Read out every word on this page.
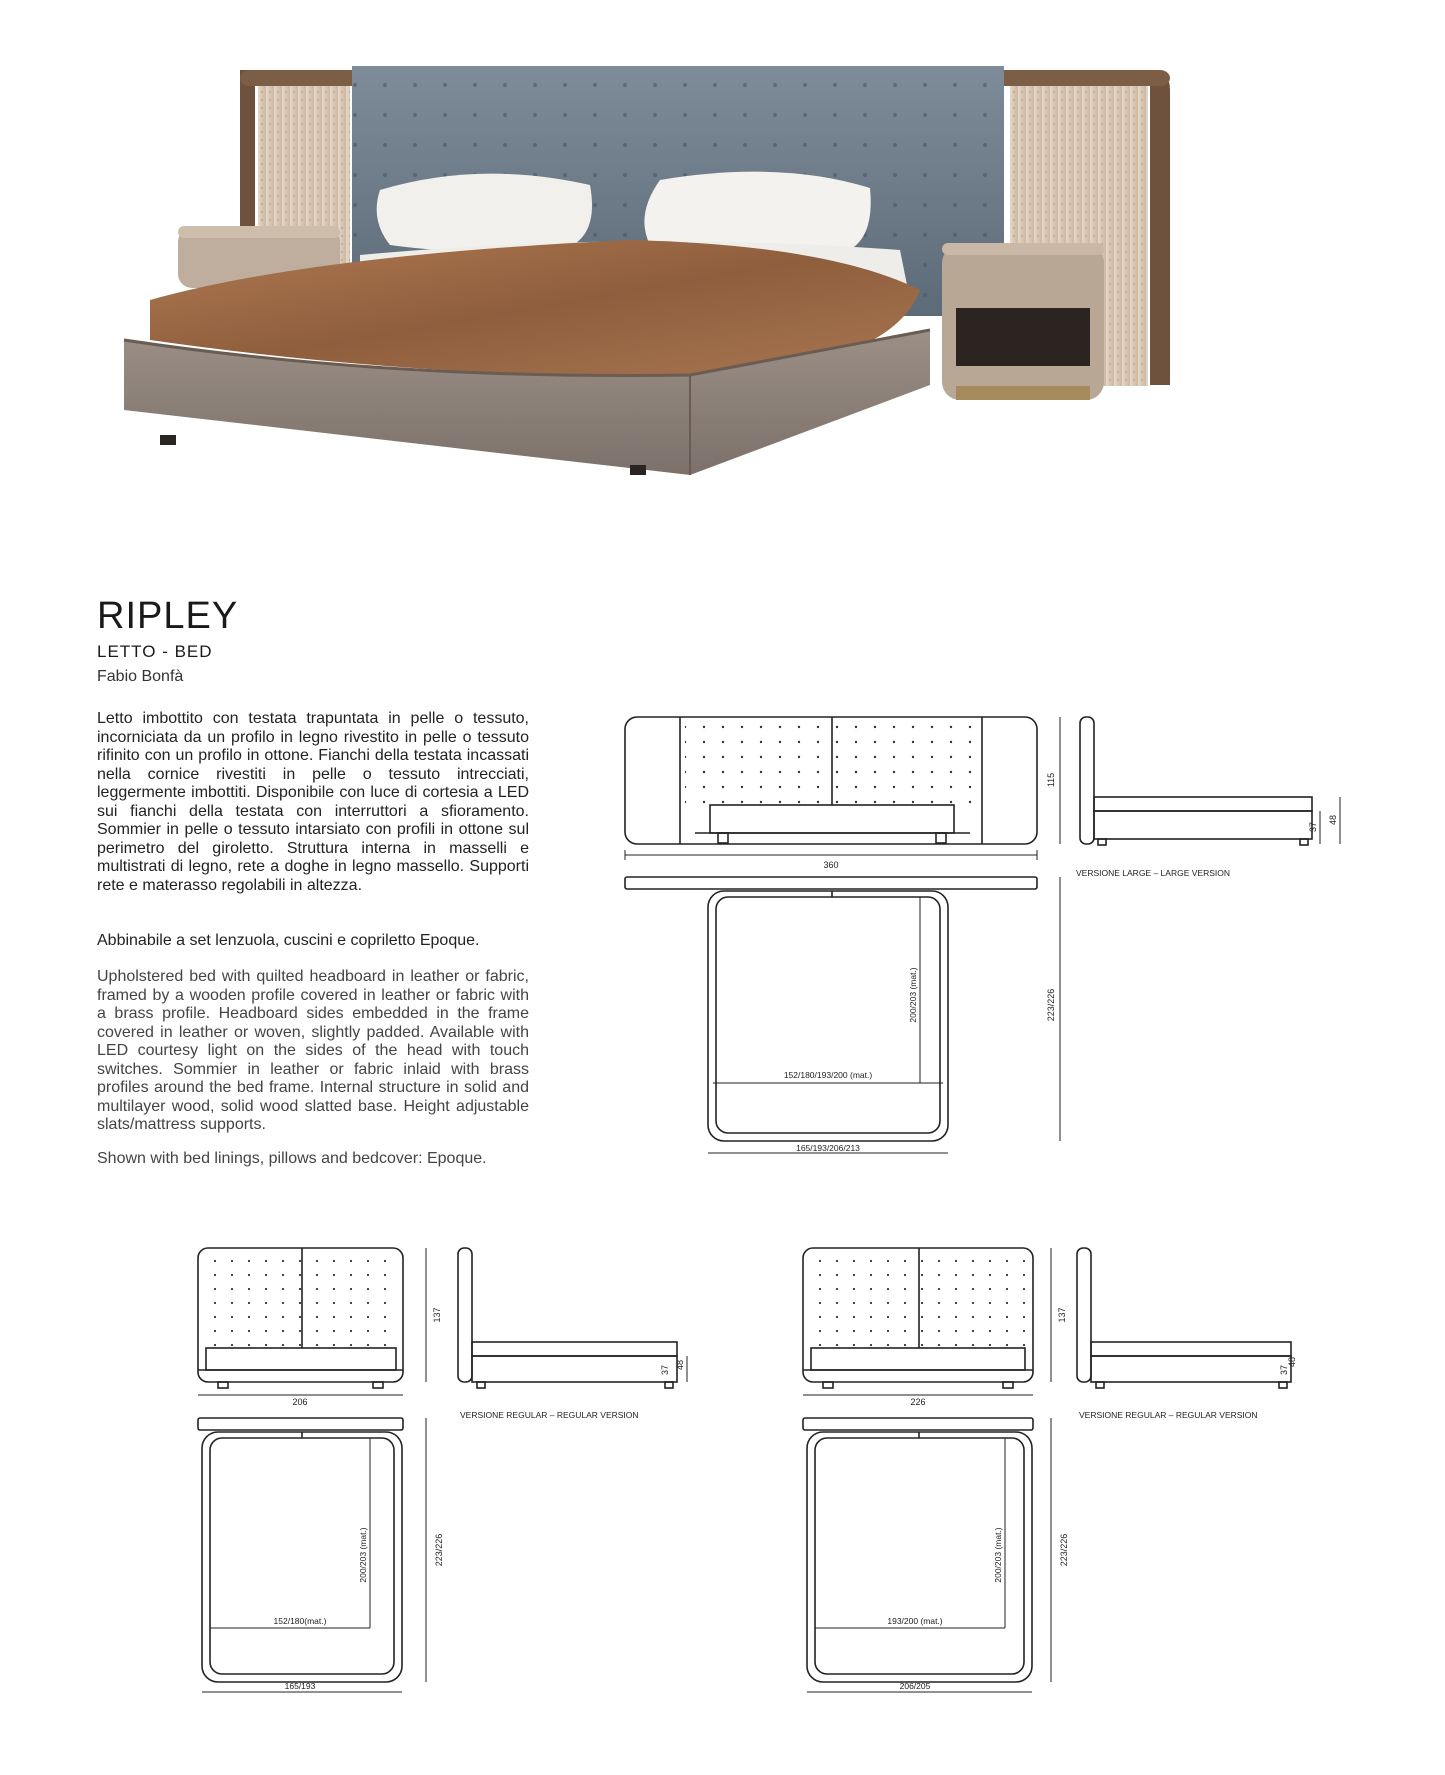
RIPLEY
LETTO - BED
Fabio Bonfà
Letto imbottito con testata trapuntata in pelle o tessuto, incorniciata da un profilo in legno rivestito in pelle o tessuto rifinito con un profilo in ottone. Fianchi della testata incassati nella cornice rivestiti in pelle o tessuto intrecciati, leggermente imbottiti. Disponibile con luce di cortesia a LED sui fianchi della testata con interruttori a sfioramento. Sommier in pelle o tessuto intarsiato con profili in ottone sul perimetro del giroletto. Struttura interna in masselli e multistrati di legno, rete a doghe in legno massello. Supporti rete e materasso regolabili in altezza.
Abbinabile a set lenzuola, cuscini e copriletto Epoque.
Upholstered bed with quilted headboard in leather or fabric, framed by a wooden profile covered in leather or fabric with a brass profile. Headboard sides embedded in the frame covered in leather or woven, slightly padded. Available with LED courtesy light on the sides of the head with touch switches. Sommier in leather or fabric inlaid with brass profiles around the bed frame. Internal structure in solid and multilayer wood, solid wood slatted base. Height adjustable slats/mattress supports.
Shown with bed linings, pillows and bedcover: Epoque.
360
115
37
48
VERSIONE LARGE – LARGE VERSION
200/203 (mat.)	223/226
152/180/193/200 (mat.)
165/193/206/213
206
137
37 48
VERSIONE REGULAR – REGULAR VERSION
200/203 (mat.)	223/226
152/180(mat.)
165/193
226
137
37
48
VERSIONE REGULAR – REGULAR VERSION
200/203 (mat.)	223/226
193/200 (mat.)
206/205
